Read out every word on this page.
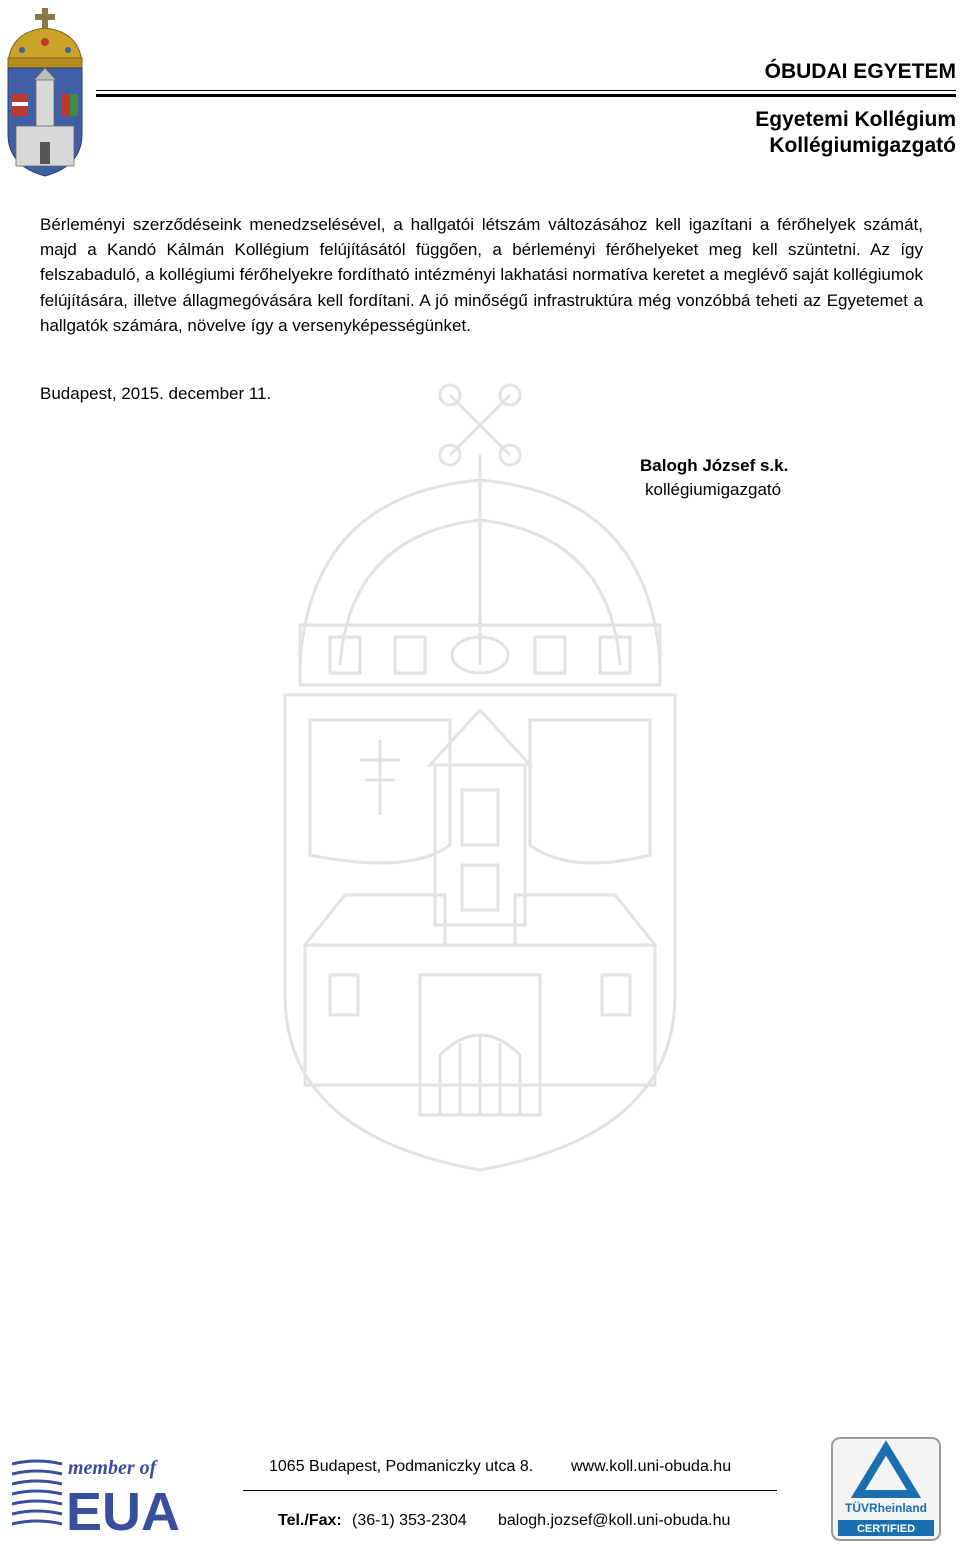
ÓBUDAI EGYETEM
Egyetemi Kollégium
Kollégiumigazgató
Bérleményi szerződéseink menedzselésével, a hallgatói létszám változásához kell igazítani a férőhelyek számát, majd a Kandó Kálmán Kollégium felújításától függően, a bérleményi férőhelyeket meg kell szüntetni. Az így felszabaduló, a kollégiumi férőhelyekre fordítható intézményi lakhatási normatíva keretet a meglévő saját kollégiumok felújítására, illetve állagmegóvására kell fordítani. A jó minőségű infrastruktúra még vonzóbbá teheti az Egyetemet a hallgatók számára, növelve így a versenyképességünket.
Budapest, 2015. december 11.
Balogh József s.k.
kollégiumigazgató
member of
EUA
1065 Budapest, Podmaniczky utca 8. www.koll.uni-obuda.hu
Tel./Fax: (36-1) 353-2304 balogh.jozsef@koll.uni-obuda.hu
TÜVRheinland
CERTIFIED
